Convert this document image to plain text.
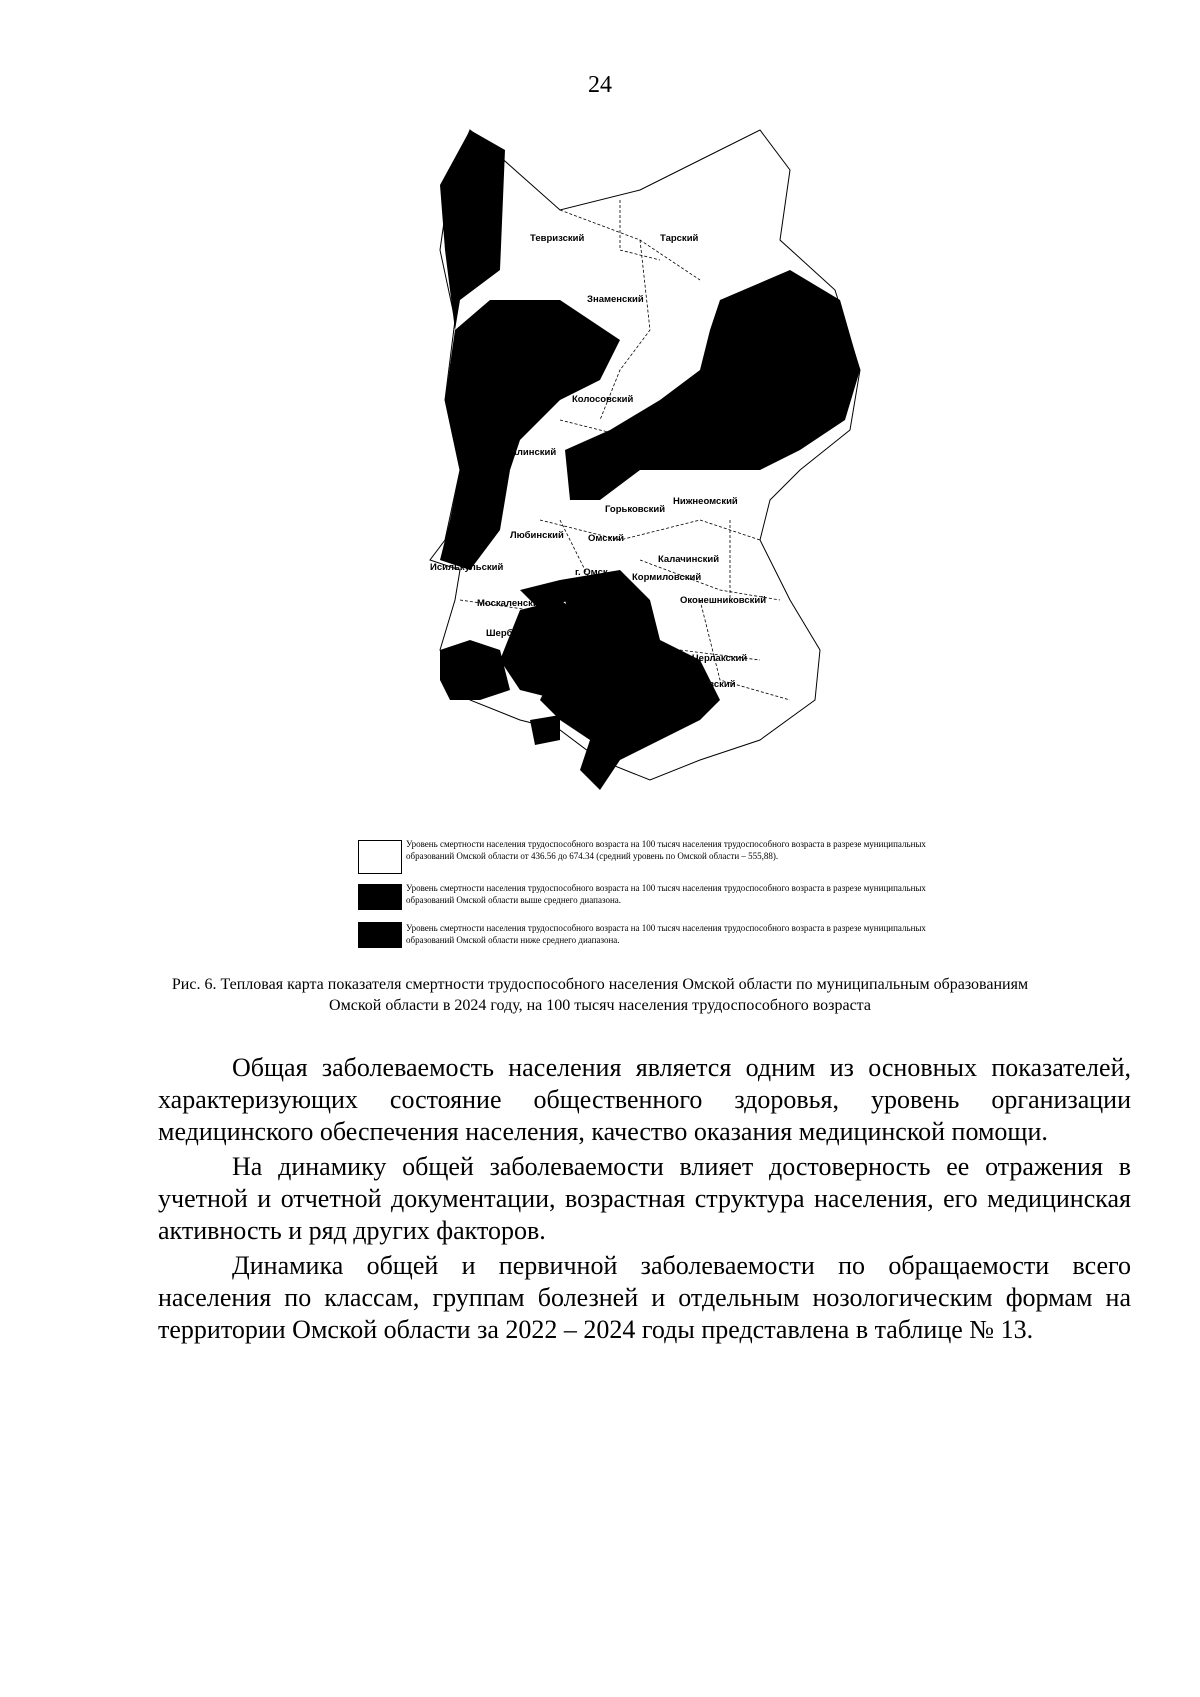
24
Тевризский	Тарский
Знаменский
Колосовский
Тюкалинский
Горьковский
Нижнеомский
Любинский	Омский
Калачинский
Исилькульский	г. Омск	Кормиловский
Москаленский	Оконешниковский
Шербакул
Черлакский
авский
Уровень смертности населения трудоспособного возраста на 100 тысяч населения трудоспособного возраста в разрезе муниципальных образований Омской области от 436.56 до 674.34 (средний уровень по Омской области – 555,88).
Уровень смертности населения трудоспособного возраста на 100 тысяч населения трудоспособного возраста в разрезе муниципальных образований Омской области выше среднего диапазона.
Уровень смертности населения трудоспособного возраста на 100 тысяч населения трудоспособного возраста в разрезе муниципальных образований Омской области ниже среднего диапазона.
Рис. 6. Тепловая карта показателя смертности трудоспособного населения Омской области по муниципальным образованиям Омской области в 2024 году, на 100 тысяч населения трудоспособного возраста

Общая заболеваемость населения является одним из основных показателей, характеризующих состояние общественного здоровья, уровень организации медицинского обеспечения населения, качество оказания медицинской помощи.

На динамику общей заболеваемости влияет достоверность ее отражения в учетной и отчетной документации, возрастная структура населения, его медицинская активность и ряд других факторов.

Динамика общей и первичной заболеваемости по обращаемости всего населения по классам, группам болезней и отдельным нозологическим формам на территории Омской области за 2022 – 2024 годы представлена в таблице № 13.
